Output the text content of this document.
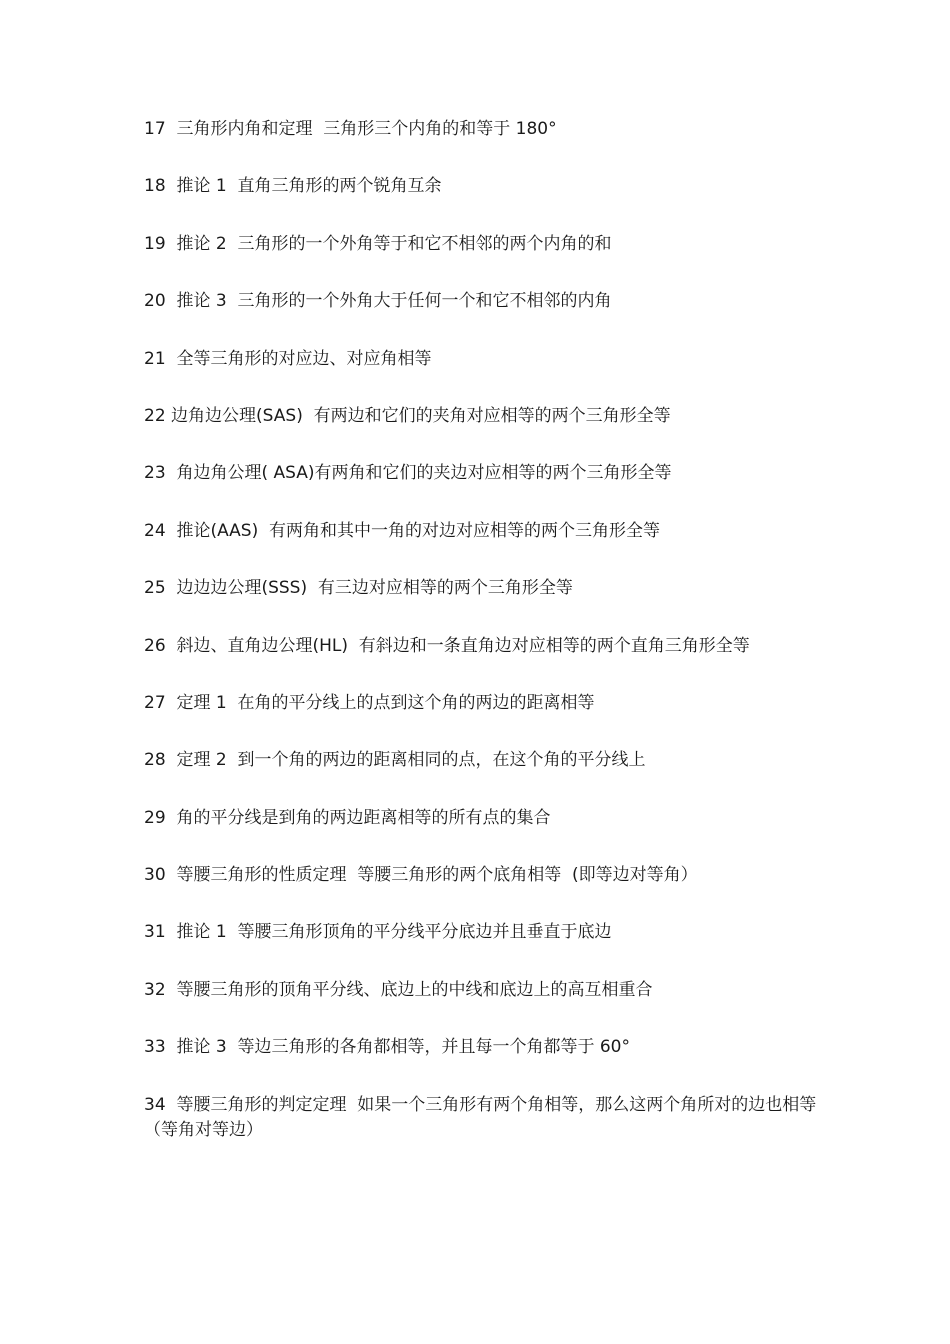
17  三角形内角和定理  三角形三个内角的和等于 180°

18  推论 1  直角三角形的两个锐角互余

19  推论 2  三角形的一个外角等于和它不相邻的两个内角的和

20  推论 3  三角形的一个外角大于任何一个和它不相邻的内角

21  全等三角形的对应边、对应角相等

22 边角边公理(SAS)  有两边和它们的夹角对应相等的两个三角形全等

23  角边角公理( ASA)有两角和它们的夹边对应相等的两个三角形全等

24  推论(AAS)  有两角和其中一角的对边对应相等的两个三角形全等

25  边边边公理(SSS)  有三边对应相等的两个三角形全等

26  斜边、直角边公理(HL)  有斜边和一条直角边对应相等的两个直角三角形全等

27  定理 1  在角的平分线上的点到这个角的两边的距离相等

28  定理 2  到一个角的两边的距离相同的点，在这个角的平分线上

29  角的平分线是到角的两边距离相等的所有点的集合

30  等腰三角形的性质定理  等腰三角形的两个底角相等  (即等边对等角）

31  推论 1  等腰三角形顶角的平分线平分底边并且垂直于底边

32  等腰三角形的顶角平分线、底边上的中线和底边上的高互相重合

33  推论 3  等边三角形的各角都相等，并且每一个角都等于 60°

34  等腰三角形的判定定理  如果一个三角形有两个角相等，那么这两个角所对的边也相等（等角对等边）
